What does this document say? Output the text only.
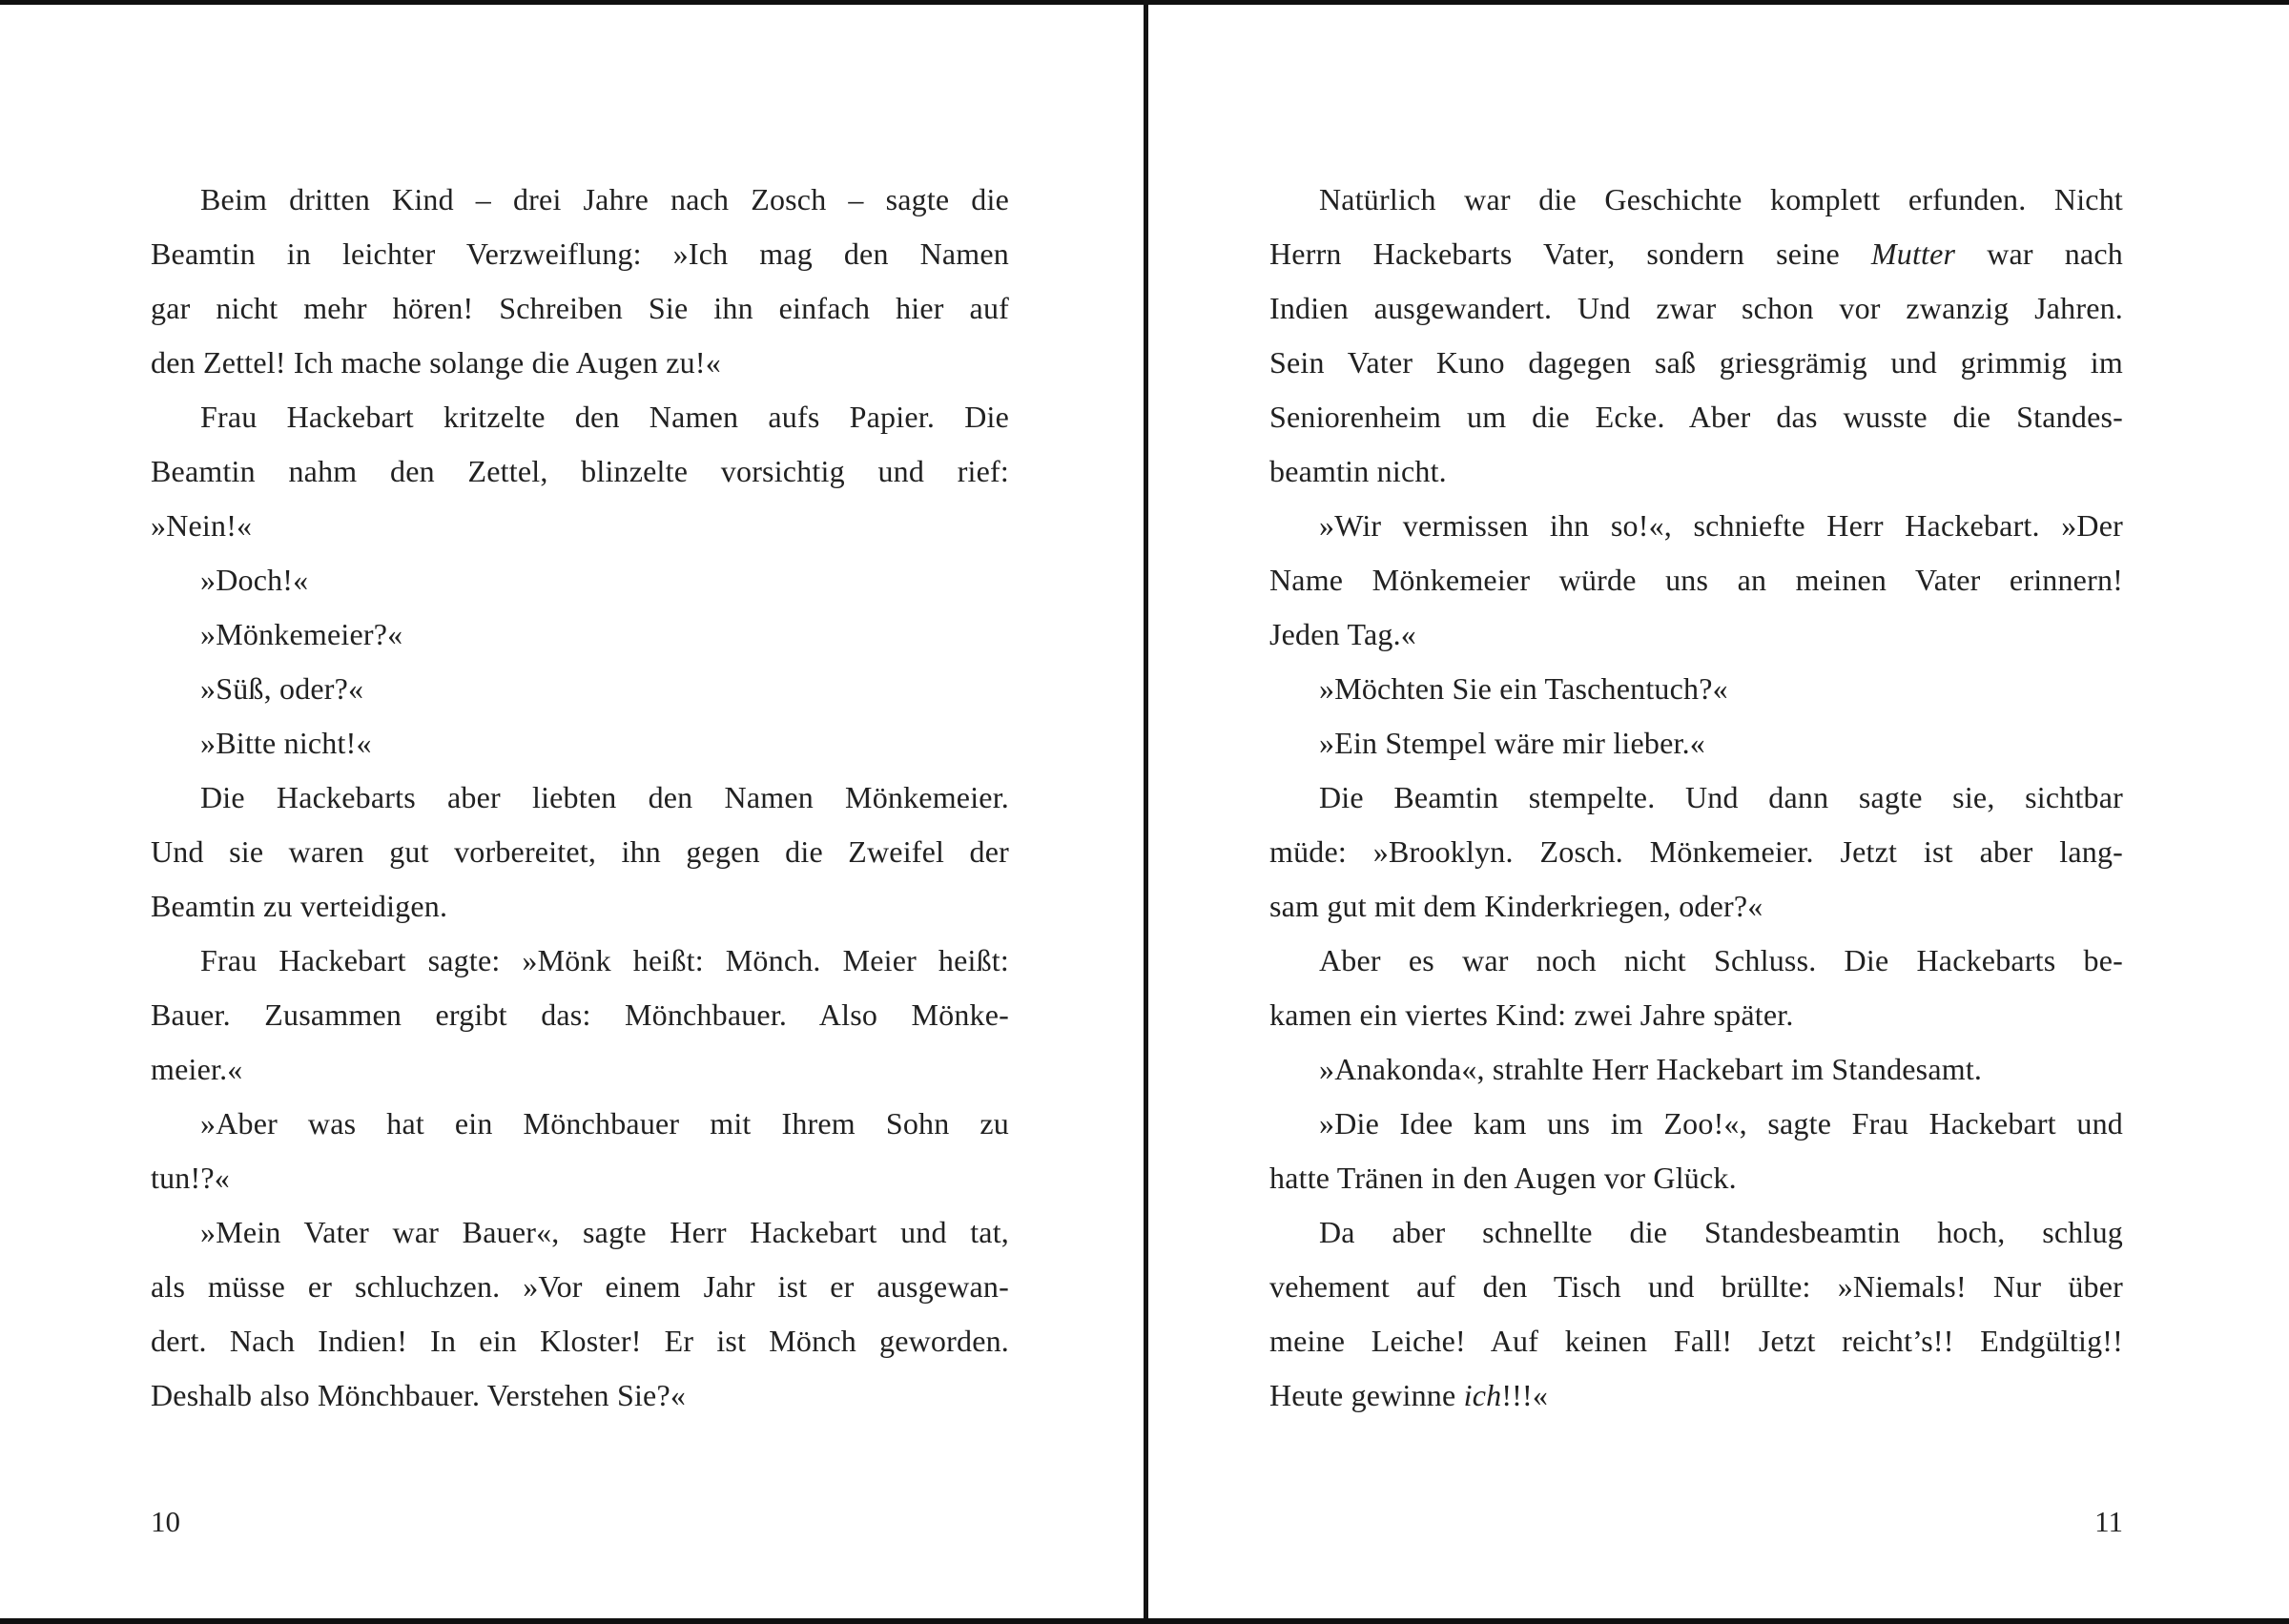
Beim dritten Kind – drei Jahre nach Zosch – sagte die
Beamtin in leichter Verzweiflung: »Ich mag den Namen
gar nicht mehr hören! Schreiben Sie ihn einfach hier auf
den Zettel! Ich mache solange die Augen zu!«
Frau Hackebart kritzelte den Namen aufs Papier. Die
Beamtin nahm den Zettel, blinzelte vorsichtig und rief:
»Nein!«
»Doch!«
»Mönkemeier?«
»Süß, oder?«
»Bitte nicht!«
Die Hackebarts aber liebten den Namen Mönkemeier.
Und sie waren gut vorbereitet, ihn gegen die Zweifel der
Beamtin zu verteidigen.
Frau Hackebart sagte: »Mönk heißt: Mönch. Meier heißt:
Bauer. Zusammen ergibt das: Mönchbauer. Also Mönke-
meier.«
»Aber was hat ein Mönchbauer mit Ihrem Sohn zu
tun!?«
»Mein Vater war Bauer«, sagte Herr Hackebart und tat,
als müsse er schluchzen. »Vor einem Jahr ist er ausgewan-
dert. Nach Indien! In ein Kloster! Er ist Mönch geworden.
Deshalb also Mönchbauer. Verstehen Sie?«
10
Natürlich war die Geschichte komplett erfunden. Nicht
Herrn Hackebarts Vater, sondern seine Mutter war nach
Indien ausgewandert. Und zwar schon vor zwanzig Jahren.
Sein Vater Kuno dagegen saß griesgrämig und grimmig im
Seniorenheim um die Ecke. Aber das wusste die Standes-
beamtin nicht.
»Wir vermissen ihn so!«, schniefte Herr Hackebart. »Der
Name Mönkemeier würde uns an meinen Vater erinnern!
Jeden Tag.«
»Möchten Sie ein Taschentuch?«
»Ein Stempel wäre mir lieber.«
Die Beamtin stempelte. Und dann sagte sie, sichtbar
müde: »Brooklyn. Zosch. Mönkemeier. Jetzt ist aber lang-
sam gut mit dem Kinderkriegen, oder?«
Aber es war noch nicht Schluss. Die Hackebarts be-
kamen ein viertes Kind: zwei Jahre später.
»Anakonda«, strahlte Herr Hackebart im Standesamt.
»Die Idee kam uns im Zoo!«, sagte Frau Hackebart und
hatte Tränen in den Augen vor Glück.
Da aber schnellte die Standesbeamtin hoch, schlug
vehement auf den Tisch und brüllte: »Niemals! Nur über
meine Leiche! Auf keinen Fall! Jetzt reicht’s!! Endgültig!!
Heute gewinne ich!!!«
11
